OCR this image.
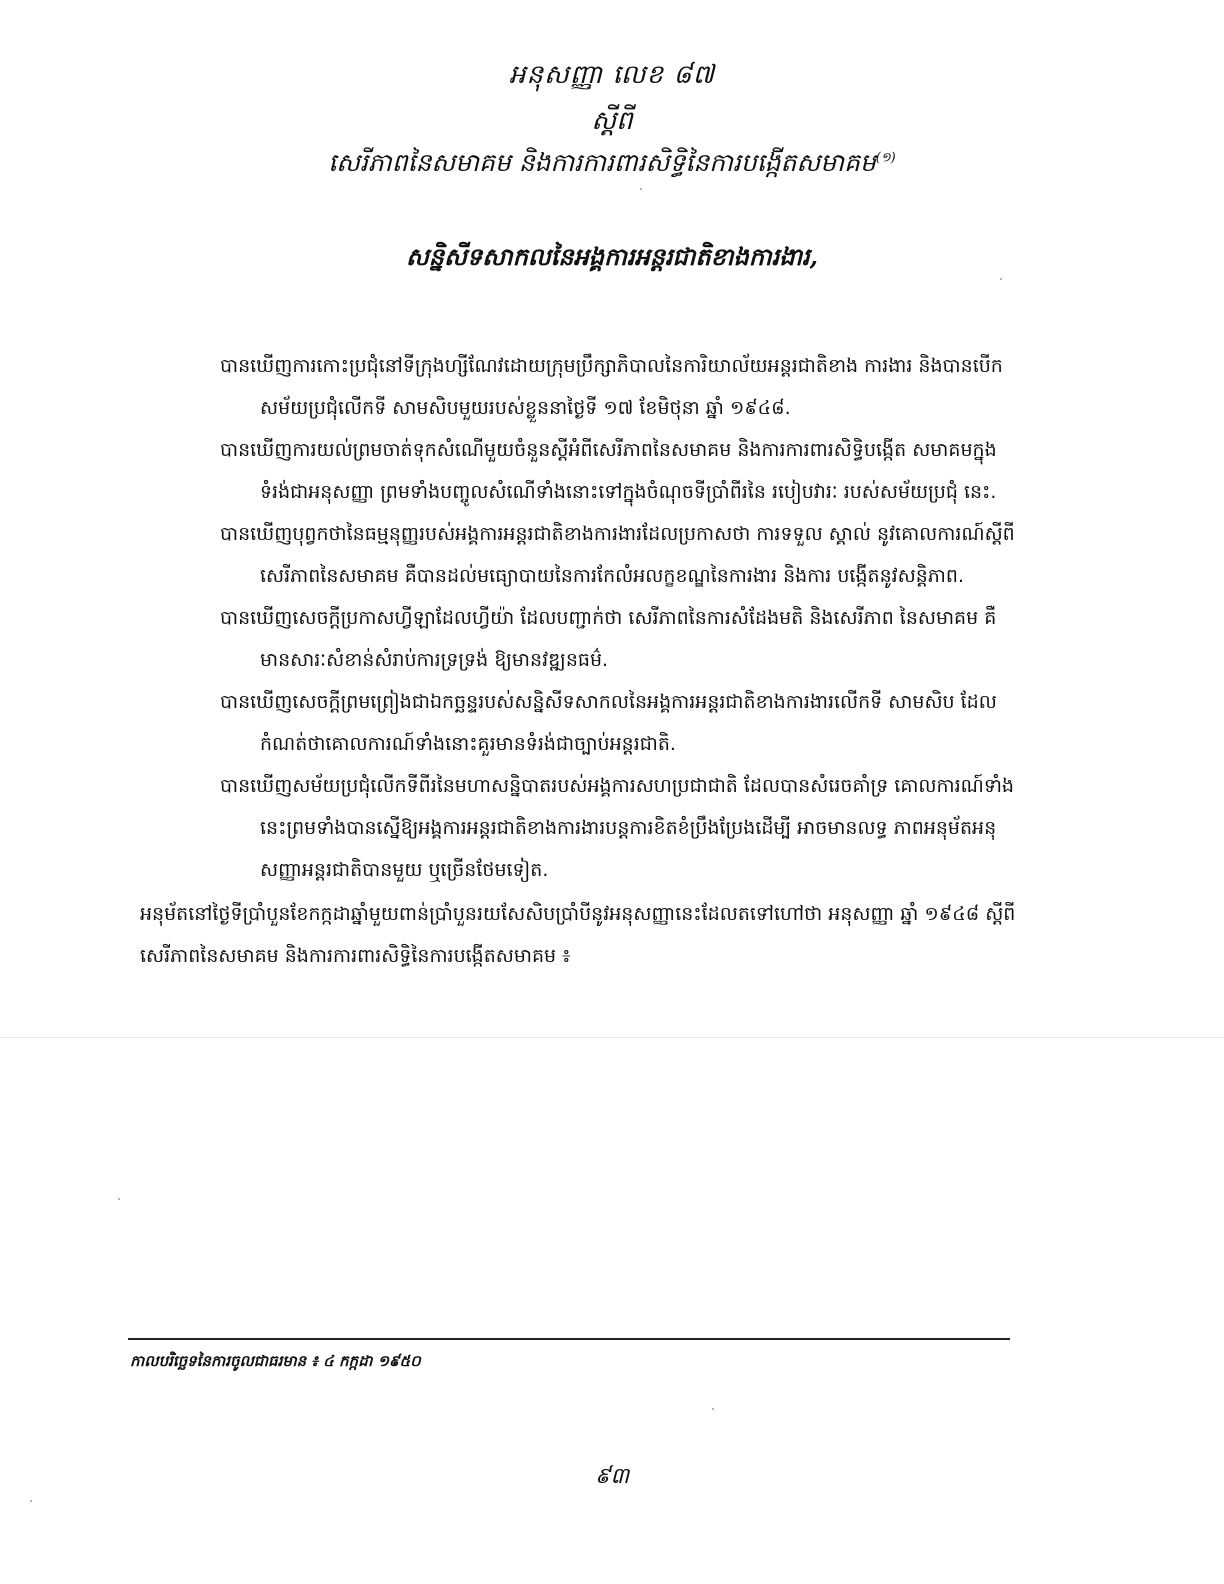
អនុសញ្ញា លេខ ៨៧
ស្តីពី
សេរីភាពនៃសមាគម និងការការពារសិទ្ធិនៃការបង្កើតសមាគម$^{(១)}$
សន្និសីទសាកលនៃអង្គការអន្តរជាតិខាងការងារ,

បានឃើញការកោះប្រជុំនៅទីក្រុងហ្សីណែវដោយក្រុមប្រឹក្សាភិបាលនៃការិយាល័យអន្តរជាតិខាង ការងារ និងបានបើកសម័យប្រជុំលើកទី សាមសិបមួយរបស់ខ្លួននាថ្ងៃទី ១៧ ខែមិថុនា ឆ្នាំ ១៩៤៨.

បានឃើញការយល់ព្រមចាត់ទុកសំណើមួយចំនួនស្តីអំពីសេរីភាពនៃសមាគម និងការការពារសិទ្ធិបង្កើត សមាគមក្នុងទំរង់ជាអនុសញ្ញា ព្រមទាំងបញ្ចូលសំណើទាំងនោះទៅក្នុងចំណុចទីប្រាំពីរនៃ របៀបវារៈ របស់សម័យប្រជុំ នេះ.

បានឃើញបុព្វកថានៃធម្មនុញ្ញរបស់អង្គការអន្តរជាតិខាងការងារដែលប្រកាសថា ការទទួល ស្គាល់ នូវគោលការណ៍ស្តីពីសេរីភាពនៃសមាគម គឺបានដល់មធ្យោបាយនៃការកែលំអលក្ខខណ្ឌនៃការងារ និងការ បង្កើតនូវសន្តិភាព.

បានឃើញសេចក្តីប្រកាសហ្វីឡាដែលហ្វីយ៉ា ដែលបញ្ជាក់ថា សេរីភាពនៃការសំដែងមតិ និងសេរីភាព នៃសមាគម គឺមានសារៈសំខាន់សំរាប់ការទ្រទ្រង់ ឱ្យមានវឌ្ឍនធម៌.

បានឃើញសេចក្តីព្រមព្រៀងជាឯកច្ឆន្ទរបស់សន្និសីទសាកលនៃអង្គការអន្តរជាតិខាងការងារលើកទី សាមសិប ដែលកំណត់ថាគោលការណ៍ទាំងនោះគួរមានទំរង់ជាច្បាប់អន្តរជាតិ.

បានឃើញសម័យប្រជុំលើកទីពីរនៃមហាសន្និបាតរបស់អង្គការសហប្រជាជាតិ ដែលបានសំរេចគាំទ្រ គោលការណ៍ទាំងនេះព្រមទាំងបានស្នើឱ្យអង្គការអន្តរជាតិខាងការងារបន្តការខិតខំប្រឹងប្រែងដើម្បី អាចមានលទ្ធ ភាពអនុម័តអនុសញ្ញាអន្តរជាតិបានមួយ ឬច្រើនថែមទៀត.

អនុម័តនៅថ្ងៃទីប្រាំបួនខែកក្កដាឆ្នាំមួយពាន់ប្រាំបួនរយសែសិបប្រាំបីនូវអនុសញ្ញានេះដែលតទៅហៅថា អនុសញ្ញា ឆ្នាំ ១៩៤៨ ស្តីពី សេរីភាពនៃសមាគម និងការការពារសិទ្ធិនៃការបង្កើតសមាគម ៖

កាលបរិច្ឆេទនៃការចូលជាធរមាន ៖ ៤ កក្កដា ១៩៥០
៩៣
